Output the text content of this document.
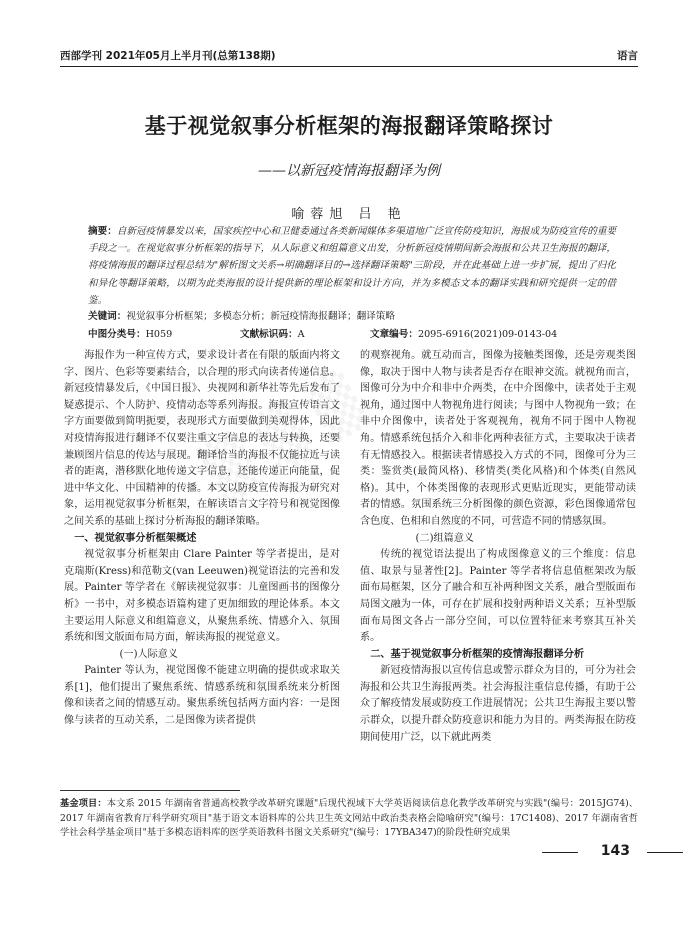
西部学刊 2021年05月上半月刊(总第138期)	语言
基于视觉叙事分析框架的海报翻译策略探讨
——以新冠疫情海报翻译为例
喻蓉旭 吕 艳

摘要：自新冠疫情暴发以来，国家疾控中心和卫健委通过各类新闻媒体多渠道地广泛宣传防疫知识，海报成为防疫宣传的重要手段之一。在视觉叙事分析框架的指导下，从人际意义和组篇意义出发，分析新冠疫情期间新会海报和公共卫生海报的翻译，将疫情海报的翻译过程总结为"解析图文关系→明确翻译目的→选择翻译策略"三阶段，并在此基础上进一步扩展，提出了归化和异化等翻译策略，以期为此类海报的设计提供新的理论框架和设计方向，并为多模态文本的翻译实践和研究提供一定的借鉴。

关键词：视觉叙事分析框架；多模态分析；新冠疫情海报翻译；翻译策略
中图分类号：H059	文献标识码：A	文章编号：2095-6916(2021)09-0143-04

海报作为一种宣传方式，要求设计者在有限的版面内将文字、图片、色彩等要素结合，以合理的形式向读者传递信息。新冠疫情暴发后，《中国日报》、央视网和新华社等先后发布了疑惑提示、个人防护、疫情动态等系列海报。海报宣传语言文字方面要做到简明扼要，表现形式方面要做到美观得体，因此对疫情海报进行翻译不仅要注重文字信息的表达与转换，还要兼顾图片信息的传达与展现。翻译恰当的海报不仅能拉近与读者的距离，潜移默化地传递文字信息，还能传递正向能量，促进中华文化、中国精神的传播。本文以防疫宣传海报为研究对象，运用视觉叙事分析框架，在解读语言文字符号和视觉图像之间关系的基础上探讨分析海报的翻译策略。

一、视觉叙事分析框架概述

视觉叙事分析框架由 Clare Painter 等学者提出，是对克瑞斯(Kress)和范勒文(van Leeuwen)视觉语法的完善和发展。Painter 等学者在《解读视觉叙事：儿童图画书的图像分析》一书中，对多模态语篇构建了更加细致的理论体系。本文主要运用人际意义和组篇意义，从聚焦系统、情感介入、氛围系统和图文版面布局方面，解读海报的视觉意义。

(一)人际意义

Painter 等认为，视觉图像不能建立明确的提供或求取关系[1]，他们提出了聚焦系统、情感系统和氛围系统来分析图像和读者之间的情感互动。聚焦系统包括两方面内容：一是图像与读者的互动关系，二是图像为读者提供

的观察视角。就互动而言，图像为接触类图像，还是旁观类图像，取决于图中人物与读者是否存在眼神交流。就视角而言，图像可分为中介和非中介两类，在中介图像中，读者处于主观视角，通过图中人物视角进行阅读；与图中人物视角一致；在非中介图像中，读者处于客观视角，视角不同于图中人物视角。情感系统包括介入和非化两种表征方式，主要取决于读者有无情感投入。根据读者情感投入方式的不同，图像可分为三类：鉴赏类(最简风格)、移情类(类化风格)和个体类(自然风格)。其中，个体类图像的表现形式更贴近现实，更能带动读者的情感。氛围系统三分析图像的颜色资源，彩色图像通常包含色度、色相和自然度的不同，可营造不同的情感氛围。

(二)组篇意义

传统的视觉语法提出了构成图像意义的三个维度：信息值、取景与显著性[2]。Painter 等学者将信息值框架改为版面布局框架，区分了融合和互补两种图文关系，融合型版面布局图文融为一体，可存在扩展和投射两种语义关系；互补型版面布局图文各占一部分空间，可以位置特征来考察其互补关系。

二、基于视觉叙事分析框架的疫情海报翻译分析

新冠疫情海报以宣传信息或警示群众为目的，可分为社会海报和公共卫生海报两类。社会海报注重信息传播，有助于公众了解疫情发展或防疫工作进展情况；公共卫生海报主要以警示群众，以提升群众防疫意识和能力为目的。两类海报在防疫期间使用广泛，以下就此两类

基金项目：本文系 2015 年湖南省普通高校教学改革研究课题"后现代视域下大学英语阅读信息化教学改革研究与实践"(编号：2015JG74)、2017 年湖南省教育厅科学研究项目"基于语文本语料库的公共卫生英文网站中政治类表格会隐喻研究"(编号：17C1408)、2017 年湖南省哲学社会科学基金项目"基于多模态语料库的医学英语教科书图文关系研究"(编号：17YBA347)的阶段性研究成果
143
